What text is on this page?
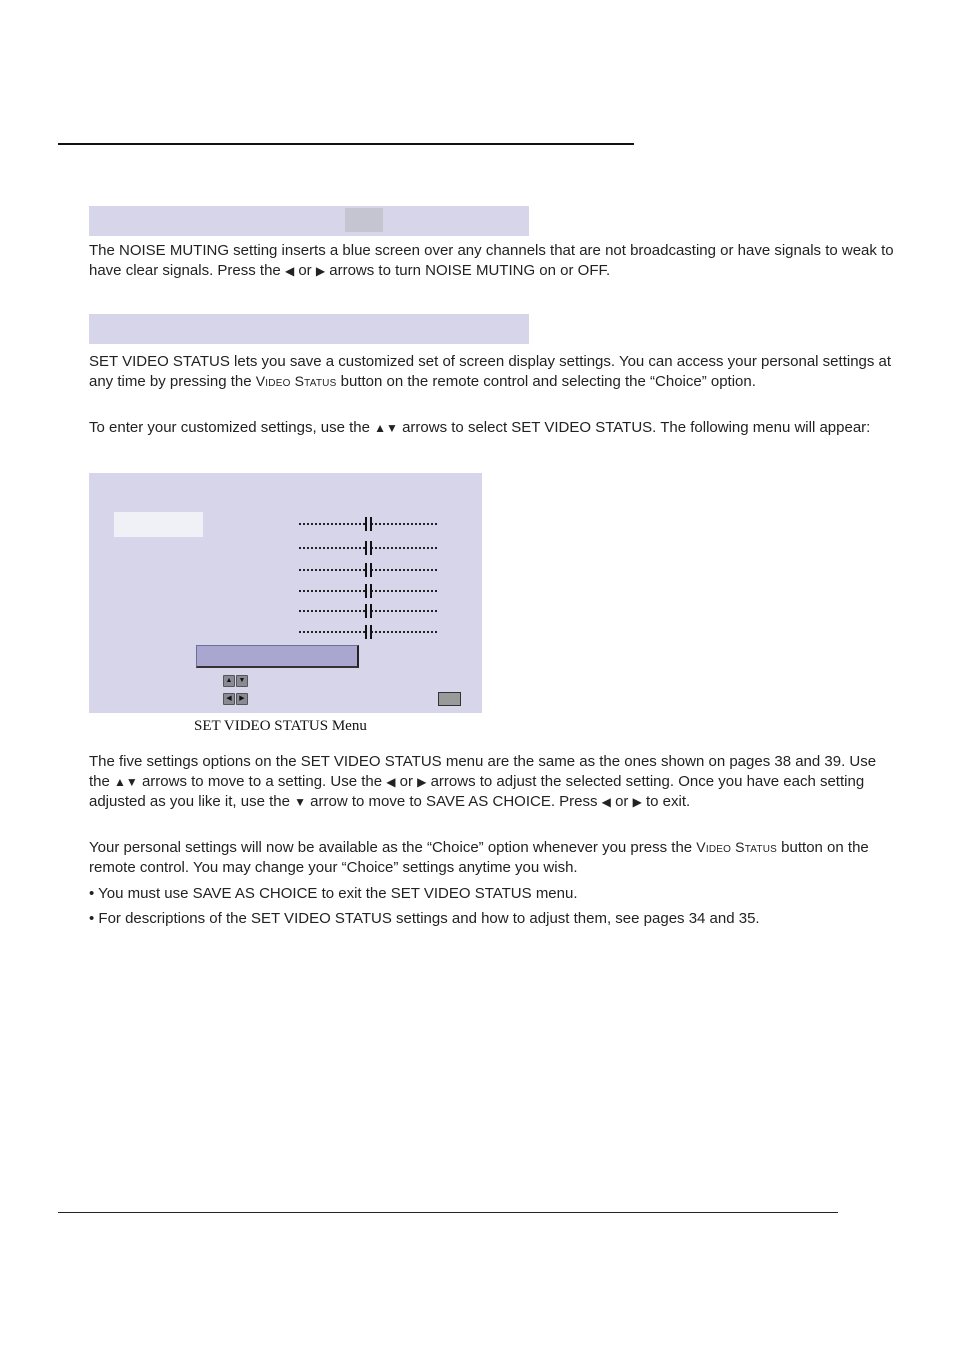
The NOISE MUTING setting inserts a blue screen over any channels that are not broadcasting or have signals to weak to have clear signals. Press the ◀ or ▶ arrows to turn NOISE MUTING on or OFF.

SET VIDEO STATUS lets you save a customized set of screen display settings. You can access your personal settings at any time by pressing the Video Status button on the remote control and selecting the “Choice” option.

To enter your customized settings, use the ▲▼ arrows to select SET VIDEO STATUS. The following menu will appear:

▲ ▼
◀	▶
SET VIDEO STATUS Menu

The five settings options on the SET VIDEO STATUS menu are the same as the ones shown on pages 38 and 39. Use the ▲▼ arrows to move to a setting. Use the ◀ or ▶ arrows to adjust the selected setting. Once you have each setting adjusted as you like it, use the ▼ arrow to move to SAVE AS CHOICE. Press ◀ or ▶ to exit.

Your personal settings will now be available as the “Choice” option whenever you press the Video Status button on the remote control. You may change your “Choice” settings anytime you wish.

• You must use SAVE AS CHOICE to exit the SET VIDEO STATUS menu.

• For descriptions of the SET VIDEO STATUS settings and how to adjust them, see pages 34 and 35.
